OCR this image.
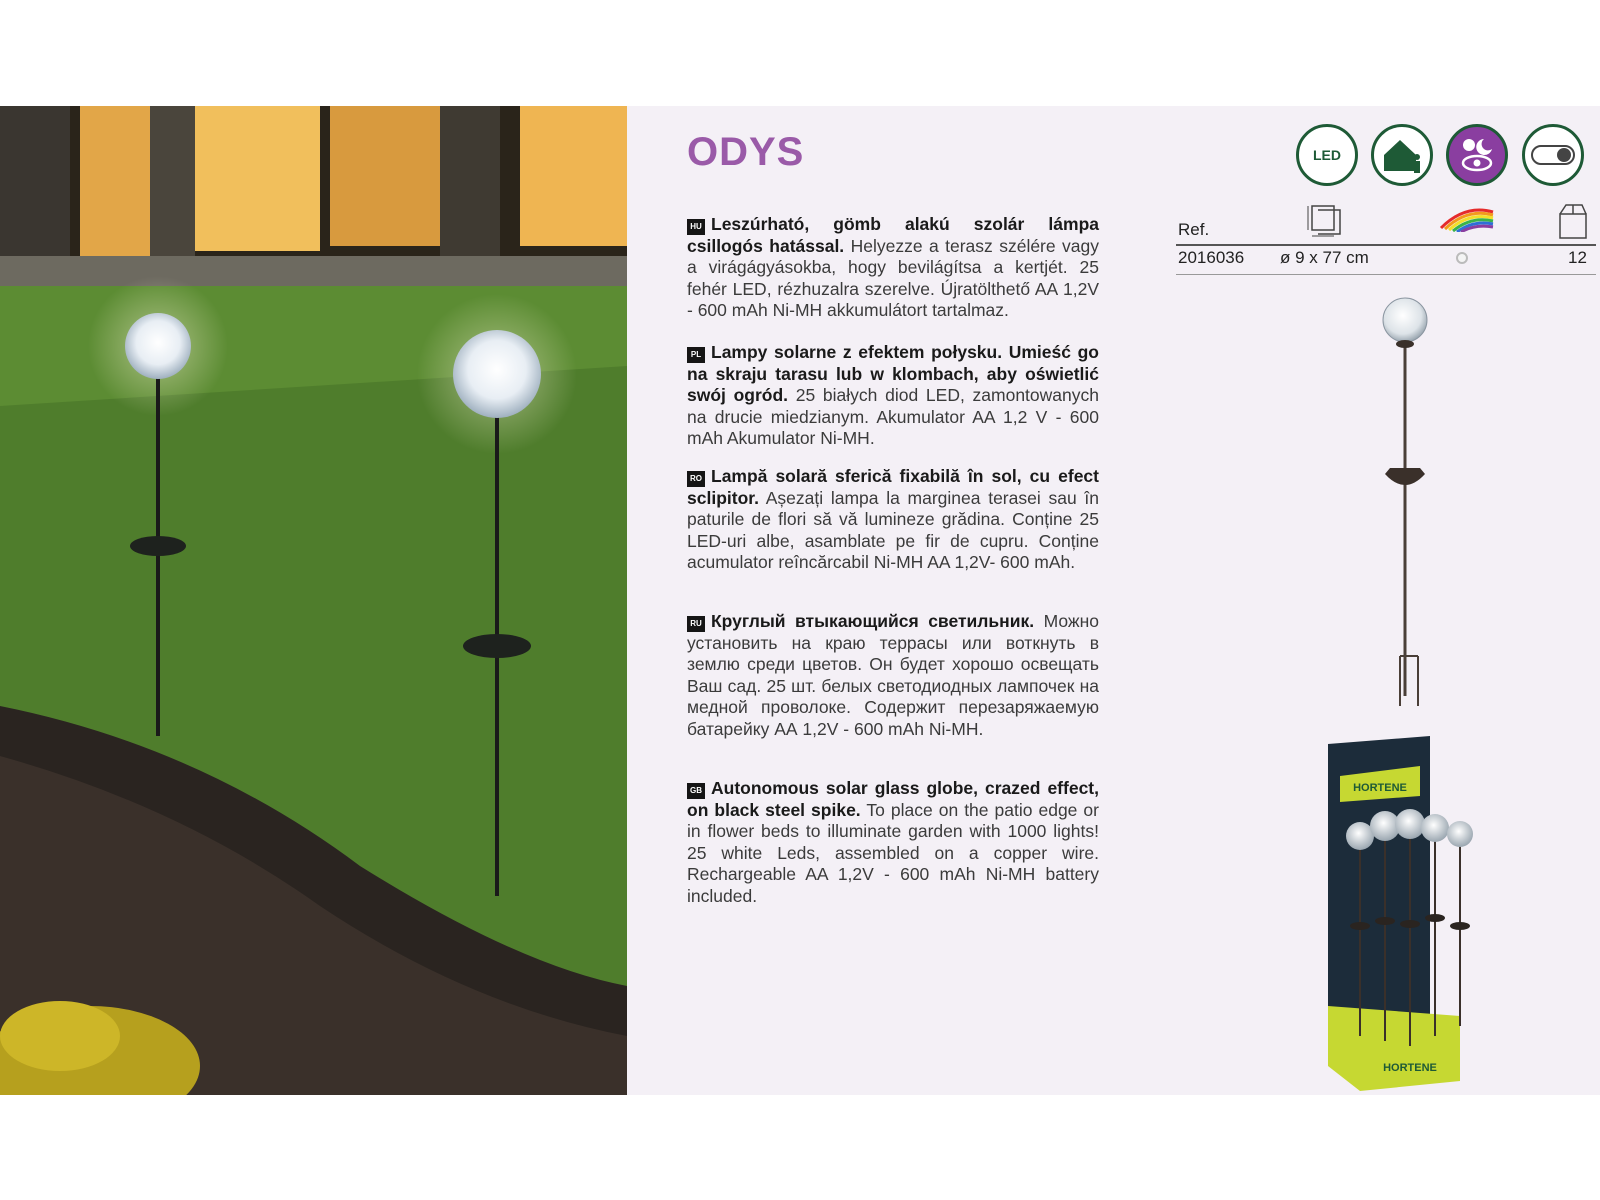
ODYS

HU Leszúrható, gömb alakú szolár lámpa csillogós hatással. Helyezze a terasz szélére vagy a virágágyásokba, hogy bevilágítsa a kertjét. 25 fehér LED, rézhuzalra szerelve. Újratölthető AA 1,2V - 600 mAh Ni-MH akkumulátort tartalmaz.

PL Lampy solarne z efektem połysku. Umieść go na skraju tarasu lub w klombach, aby oświetlić swój ogród. 25 białych diod LED, zamontowanych na drucie miedzianym. Akumulator AA 1,2 V - 600 mAh Akumulator Ni-MH.

RO Lampă solară sferică fixabilă în sol, cu efect sclipitor. Așezați lampa la marginea terasei sau în paturile de flori să vă lumineze grădina. Conține 25 LED-uri albe, asamblate pe fir de cupru. Conține acumulator reîncărcabil Ni-MH AA 1,2V- 600 mAh.

RU Круглый втыкающийся светильник. Можно установить на краю террасы или воткнуть в землю среди цветов. Он будет хорошо освещать Ваш сад. 25 шт. белых светодиодных лампочек на медной проволоке. Содержит перезаряжаемую батарейку АА 1,2V - 600 mAh Ni-MH.

GB Autonomous solar glass globe, crazed effect, on black steel spike. To place on the patio edge or in flower beds to illuminate garden with 1000 lights! 25 white Leds, assembled on a copper wire. Rechargeable AA 1,2V - 600 mAh Ni-MH battery included.

LED
Ref.
2016036 ø 9 x 77 cm	12
HORTENE
HORTENE
